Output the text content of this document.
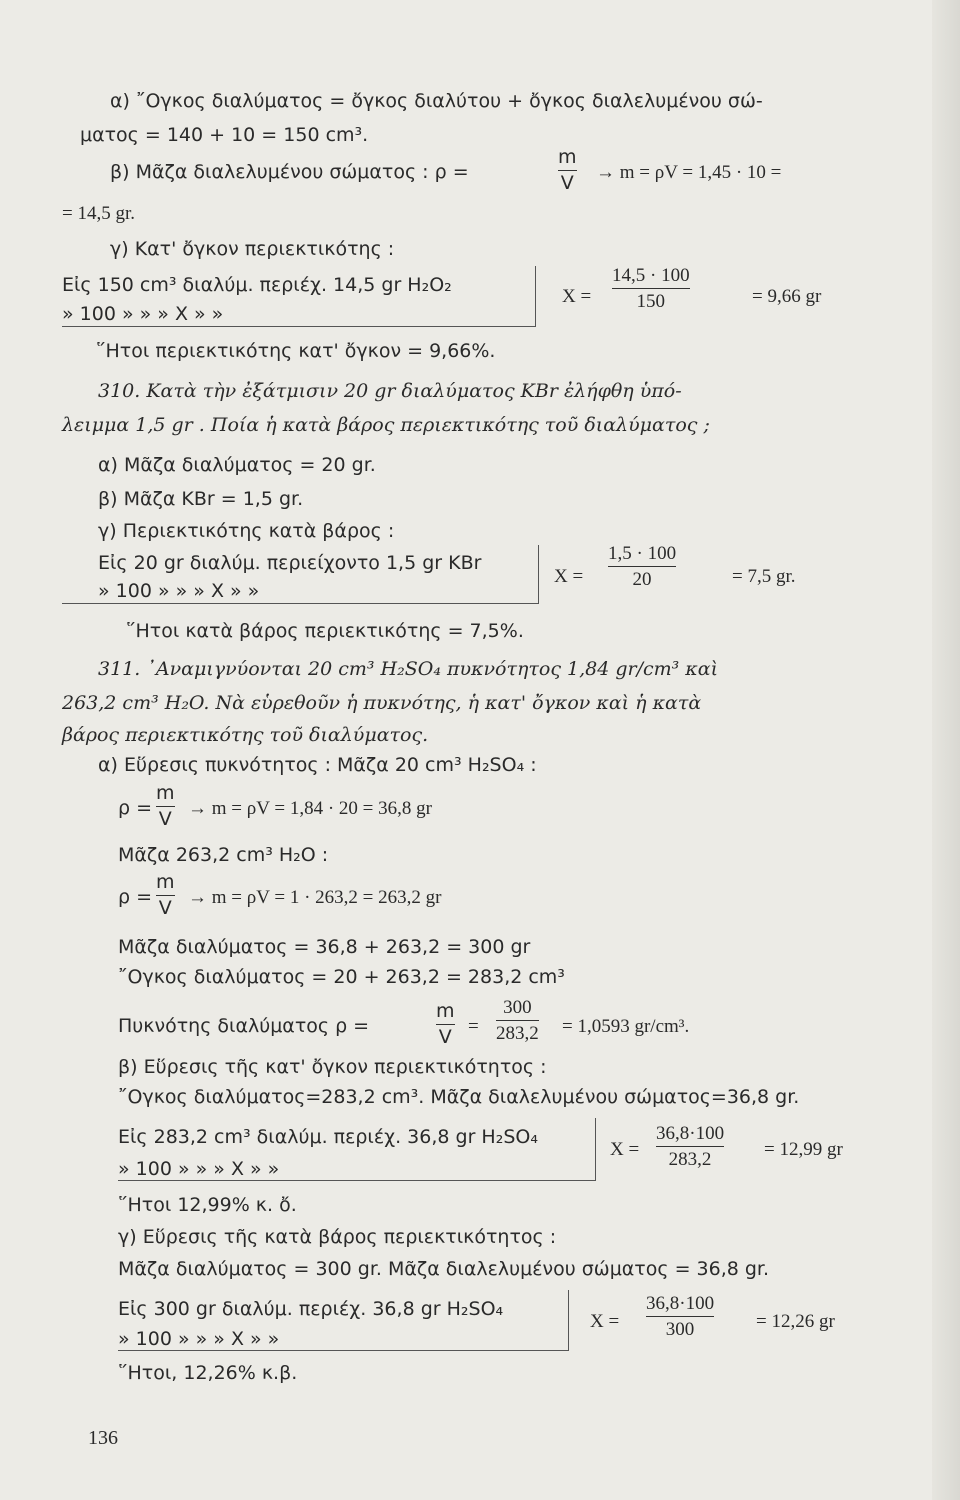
α) ῎Ογκος διαλύματος = ὄγκος διαλύτου + ὄγκος διαλελυμένου σώ-
ματος = 140 + 10 = 150 cm³.
β) Μᾶζα διαλελυμένου σώματος : ρ =
m
V → m = ρV = 1,45 · 10 =
= 14,5 gr.
γ) Κατ' ὄγκον περιεκτικότης :
Εἰς 150 cm³ διαλύμ. περιέχ. 14,5 gr H₂O₂
» 100 » » » X » »
X =
14,5 · 100
150	= 9,66 gr
῞Ητοι περιεκτικότης κατ' ὄγκον = 9,66%.
310. Κατὰ τὴν ἐξάτμισιν 20 gr διαλύματος KBr ἐλήφθη ὑπό-
λειμμα 1,5 gr . Ποία ἡ κατὰ βάρος περιεκτικότης τοῦ διαλύματος ;
α) Μᾶζα διαλύματος = 20 gr.
β) Μᾶζα KBr = 1,5 gr.
γ) Περιεκτικότης κατὰ βάρος :
Εἰς 20 gr διαλύμ. περιείχοντο 1,5 gr KBr
» 100 » » » X » »
X =
1,5 · 100
20	= 7,5 gr.
῞Ητοι κατὰ βάρος περιεκτικότης = 7,5%.
311. ᾿Αναμιγνύονται 20 cm³ H₂SO₄ πυκνότητος 1,84 gr/cm³ καὶ
263,2 cm³ H₂O. Νὰ εὑρεθοῦν ἡ πυκνότης, ἡ κατ' ὄγκον καὶ ἡ κατὰ
βάρος περιεκτικότης τοῦ διαλύματος.
α) Εὕρεσις πυκνότητος : Μᾶζα 20 cm³ H₂SO₄ :
ρ =
m
V → m = ρV = 1,84 · 20 = 36,8 gr
Μᾶζα 263,2 cm³ H₂O :
ρ =
m
V → m = ρV = 1 · 263,2 = 263,2 gr
Μᾶζα διαλύματος = 36,8 + 263,2 = 300 gr
῎Ογκος διαλύματος = 20 + 263,2 = 283,2 cm³
Πυκνότης διαλύματος ρ =
m
V =
300
283,2 = 1,0593 gr/cm³.
β) Εὕρεσις τῆς κατ' ὄγκον περιεκτικότητος :
῎Ογκος διαλύματος=283,2 cm³. Μᾶζα διαλελυμένου σώματος=36,8 gr.
Εἰς 283,2 cm³ διαλύμ. περιέχ. 36,8 gr H₂SO₄
» 100 » » » X » »
X =
36,8·100
283,2	= 12,99 gr
῞Ητοι 12,99% κ. ὄ.
γ) Εὕρεσις τῆς κατὰ βάρος περιεκτικότητος :
Μᾶζα διαλύματος = 300 gr. Μᾶζα διαλελυμένου σώματος = 36,8 gr.
Εἰς 300 gr διαλύμ. περιέχ. 36,8 gr H₂SO₄
» 100 » » » X » »
X =
36,8·100
300	= 12,26 gr
῞Ητοι, 12,26% κ.β.
136
